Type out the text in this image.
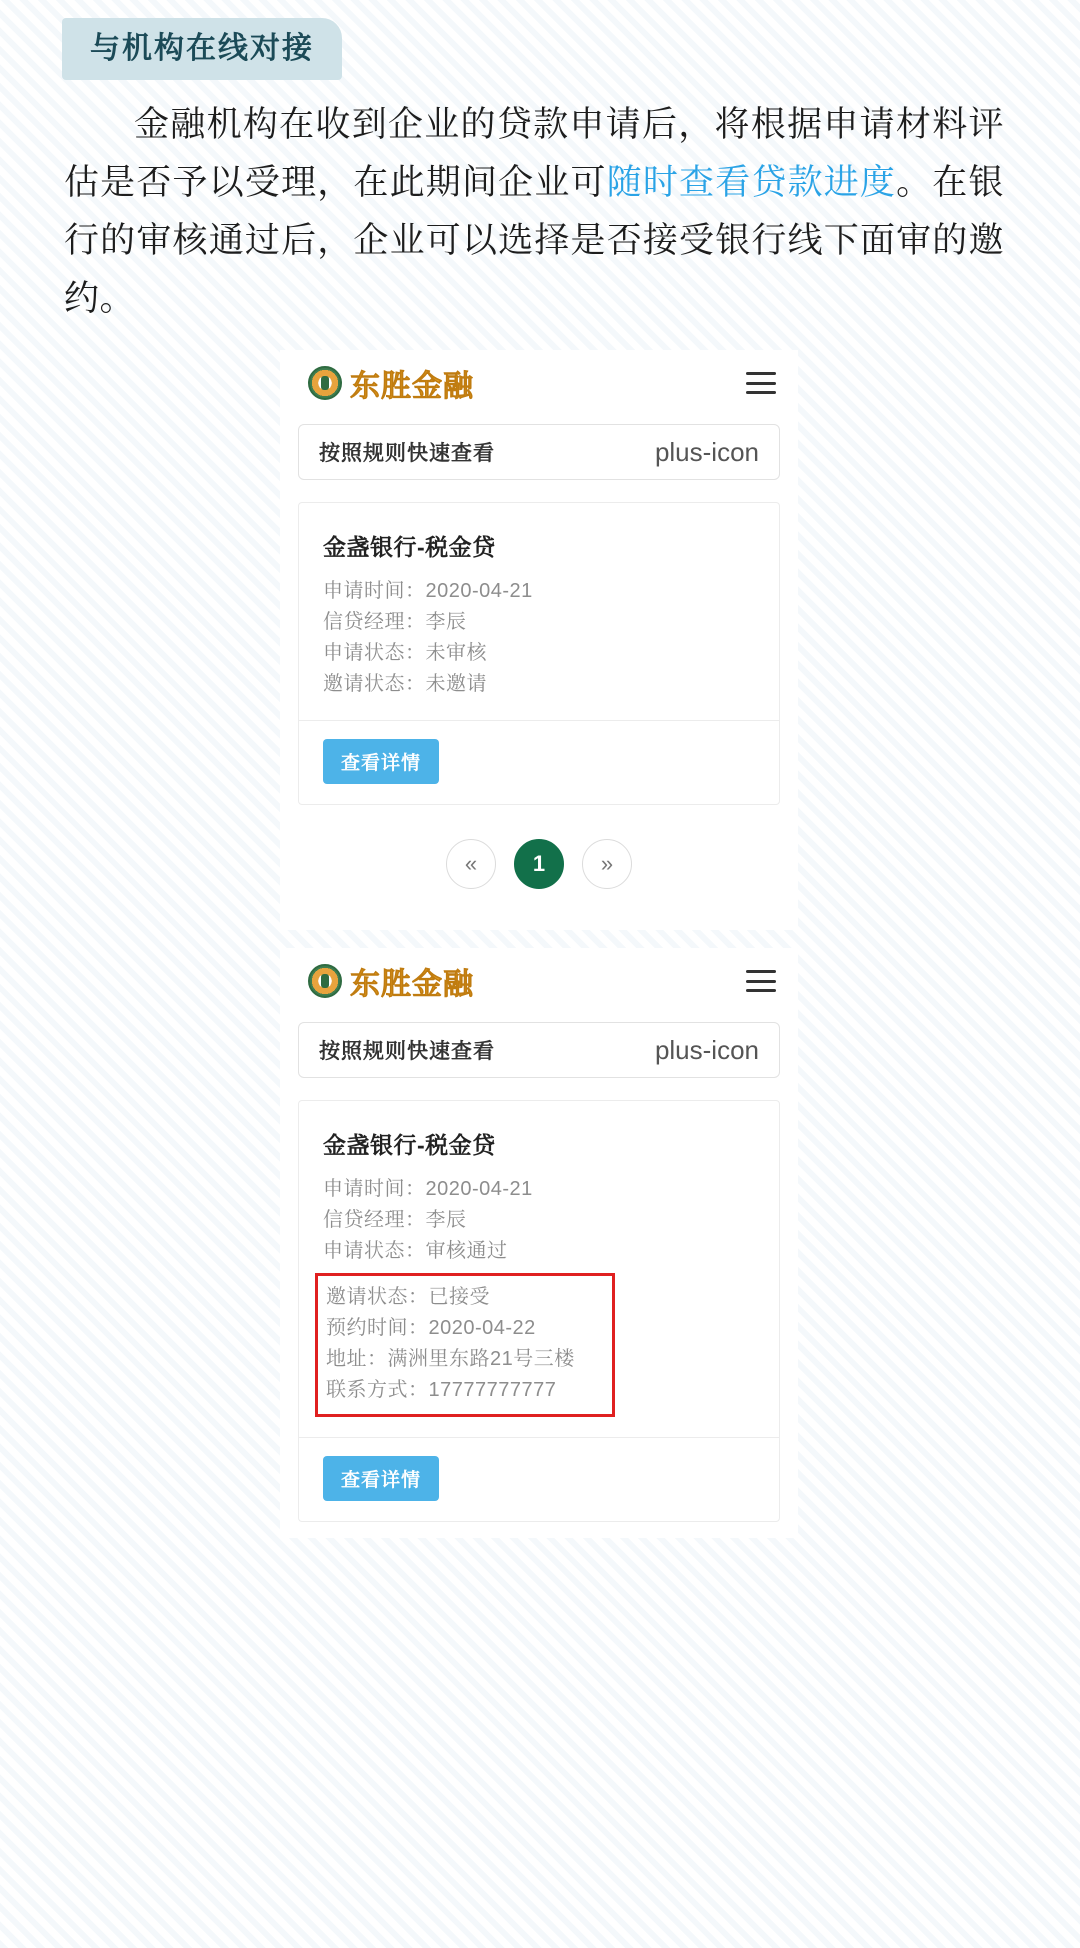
与机构在线对接
金融机构在收到企业的贷款申请后，将根据申请材料评估是否予以受理，在此期间企业可随时查看贷款进度。在银行的审核通过后，企业可以选择是否接受银行线下面审的邀约。
东胜金融
按照规则快速查看	plus-icon
金盏银行-税金贷
申请时间：2020-04-21
信贷经理：李辰
申请状态：未审核
邀请状态：未邀请
查看详情
«	1	»
东胜金融
按照规则快速查看	plus-icon
金盏银行-税金贷
申请时间：2020-04-21
信贷经理：李辰
申请状态：审核通过
邀请状态：已接受
预约时间：2020-04-22
地址：满洲里东路21号三楼
联系方式：17777777777
查看详情
